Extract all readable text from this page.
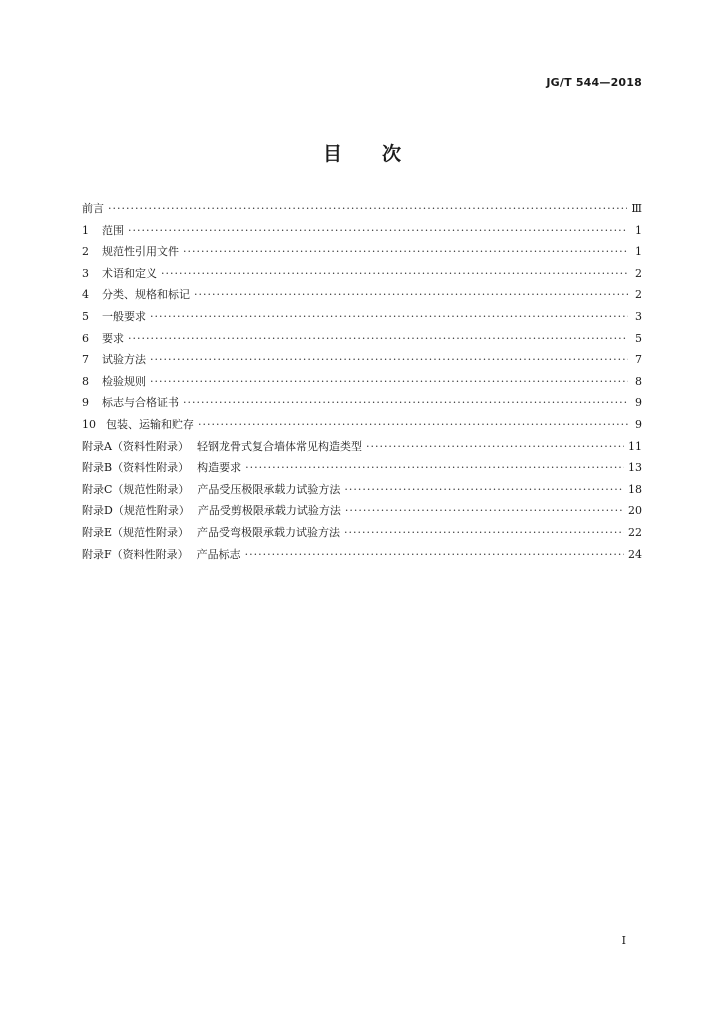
JG/T 544—2018
目 次
前言 ·····	Ⅲ
1	范围 ·····	1
2	规范性引用文件 ·····	1
3	术语和定义 ·····	2
4	分类、规格和标记 ·····	2
5	一般要求 ·····	3
6	要求 ·····	5
7	试验方法 ·····	7
8	检验规则 ·····	8
9	标志与合格证书 ·····	9
10 包装、运输和贮存 ·····	9
附录A（资料性附录） 轻钢龙骨式复合墙体常见构造类型 ·····	11
附录B（资料性附录） 构造要求 ·····	13
附录C（规范性附录） 产品受压极限承载力试验方法 ·····	18
附录D（规范性附录） 产品受剪极限承载力试验方法 ·····	20
附录E（规范性附录） 产品受弯极限承载力试验方法 ·····	22
附录F（资料性附录） 产品标志 ·····	24
I
